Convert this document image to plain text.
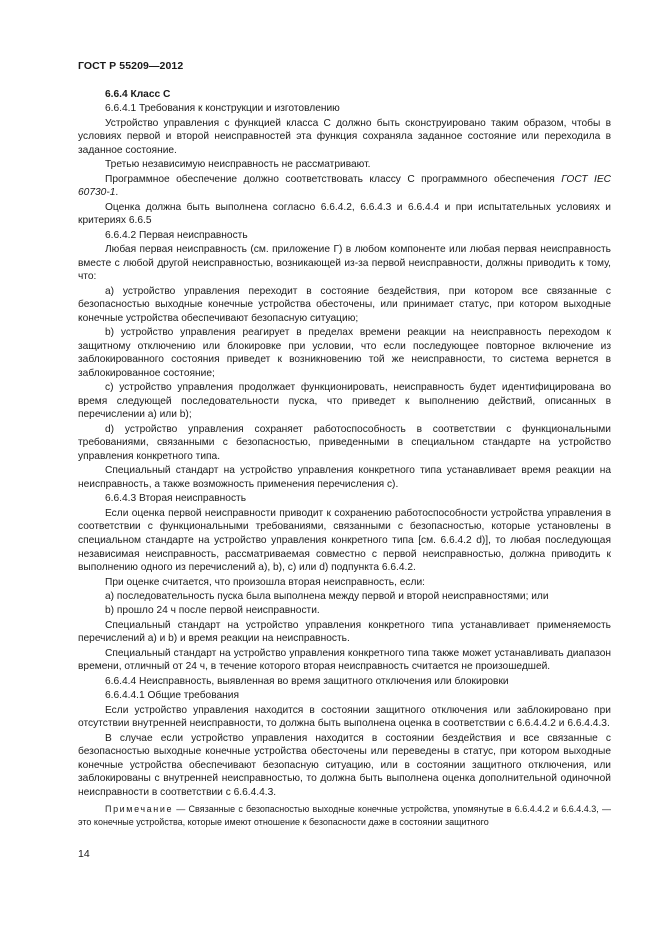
ГОСТ Р 55209—2012

6.6.4 Класс С

6.6.4.1 Требования к конструкции и изготовлению

Устройство управления с функцией класса С должно быть сконструировано таким образом, чтобы в условиях первой и второй неисправностей эта функция сохраняла заданное состояние или переходила в заданное состояние.

Третью независимую неисправность не рассматривают.

Программное обеспечение должно соответствовать классу С программного обеспечения ГОСТ IEC 60730-1.

Оценка должна быть выполнена согласно 6.6.4.2, 6.6.4.3 и 6.6.4.4 и при испытательных условиях и критериях 6.6.5

6.6.4.2 Первая неисправность

Любая первая неисправность (см. приложение Г) в любом компоненте или любая первая неисправность вместе с любой другой неисправностью, возникающей из-за первой неисправности, должны приводить к тому, что:

a) устройство управления переходит в состояние бездействия, при котором все связанные с безопасностью выходные конечные устройства обесточены, или принимает статус, при котором выходные конечные устройства обеспечивают безопасную ситуацию;

b) устройство управления реагирует в пределах времени реакции на неисправность переходом к защитному отключению или блокировке при условии, что если последующее повторное включение из заблокированного состояния приведет к возникновению той же неисправности, то система вернется в заблокированное состояние;

c) устройство управления продолжает функционировать, неисправность будет идентифицирована во время следующей последовательности пуска, что приведет к выполнению действий, описанных в перечислении a) или b);

d) устройство управления сохраняет работоспособность в соответствии с функциональными требованиями, связанными с безопасностью, приведенными в специальном стандарте на устройство управления конкретного типа.

Специальный стандарт на устройство управления конкретного типа устанавливает время реакции на неисправность, а также возможность применения перечисления c).

6.6.4.3 Вторая неисправность

Если оценка первой неисправности приводит к сохранению работоспособности устройства управления в соответствии с функциональными требованиями, связанными с безопасностью, которые установлены в специальном стандарте на устройство управления конкретного типа [см. 6.6.4.2 d)], то любая последующая независимая неисправность, рассматриваемая совместно с первой неисправностью, должна приводить к выполнению одного из перечислений a), b), c) или d) подпункта 6.6.4.2.

При оценке считается, что произошла вторая неисправность, если:

a) последовательность пуска была выполнена между первой и второй неисправностями; или

b) прошло 24 ч после первой неисправности.

Специальный стандарт на устройство управления конкретного типа устанавливает применяемость перечислений a) и b) и время реакции на неисправность.

Специальный стандарт на устройство управления конкретного типа также может устанавливать диапазон времени, отличный от 24 ч, в течение которого вторая неисправность считается не произошедшей.

6.6.4.4 Неисправность, выявленная во время защитного отключения или блокировки

6.6.4.4.1 Общие требования

Если устройство управления находится в состоянии защитного отключения или заблокировано при отсутствии внутренней неисправности, то должна быть выполнена оценка в соответствии с 6.6.4.4.2 и 6.6.4.4.3.

В случае если устройство управления находится в состоянии бездействия и все связанные с безопасностью выходные конечные устройства обесточены или переведены в статус, при котором выходные конечные устройства обеспечивают безопасную ситуацию, или в состоянии защитного отключения, или заблокированы с внутренней неисправностью, то должна быть выполнена оценка дополнительной одиночной неисправности в соответствии с 6.6.4.4.3.

Примечание — Связанные с безопасностью выходные конечные устройства, упомянутые в 6.6.4.4.2 и 6.6.4.4.3, — это конечные устройства, которые имеют отношение к безопасности даже в состоянии защитного

14
